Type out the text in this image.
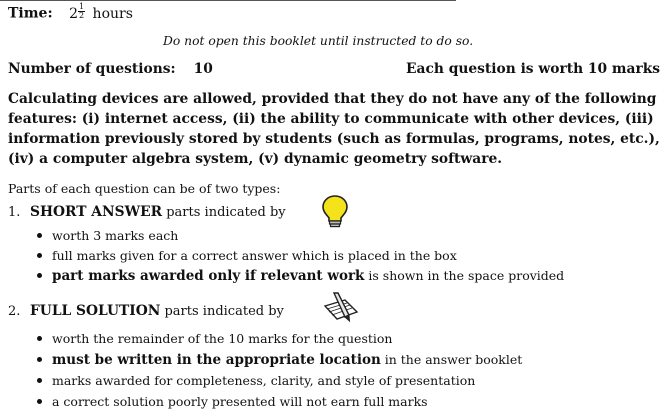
Time: $2 \frac{1}{2}$ hours
Do not open this booklet until instructed to do so.
Number of questions: 10	Each question is worth 10 marks
Calculating devices are allowed, provided that they do not have any of the following
features: (i) internet access, (ii) the ability to communicate with other devices, (iii)
information previously stored by students (such as formulas, programs, notes, etc.),
(iv) a computer algebra system, (v) dynamic geometry software.
Parts of each question can be of two types:
1. SHORT ANSWER parts indicated by
worth 3 marks each
full marks given for a correct answer which is placed in the box
part marks awarded only if relevant work is shown in the space provided
2. FULL SOLUTION parts indicated by
worth the remainder of the 10 marks for the question
must be written in the appropriate location in the answer booklet
marks awarded for completeness, clarity, and style of presentation
a correct solution poorly presented will not earn full marks
